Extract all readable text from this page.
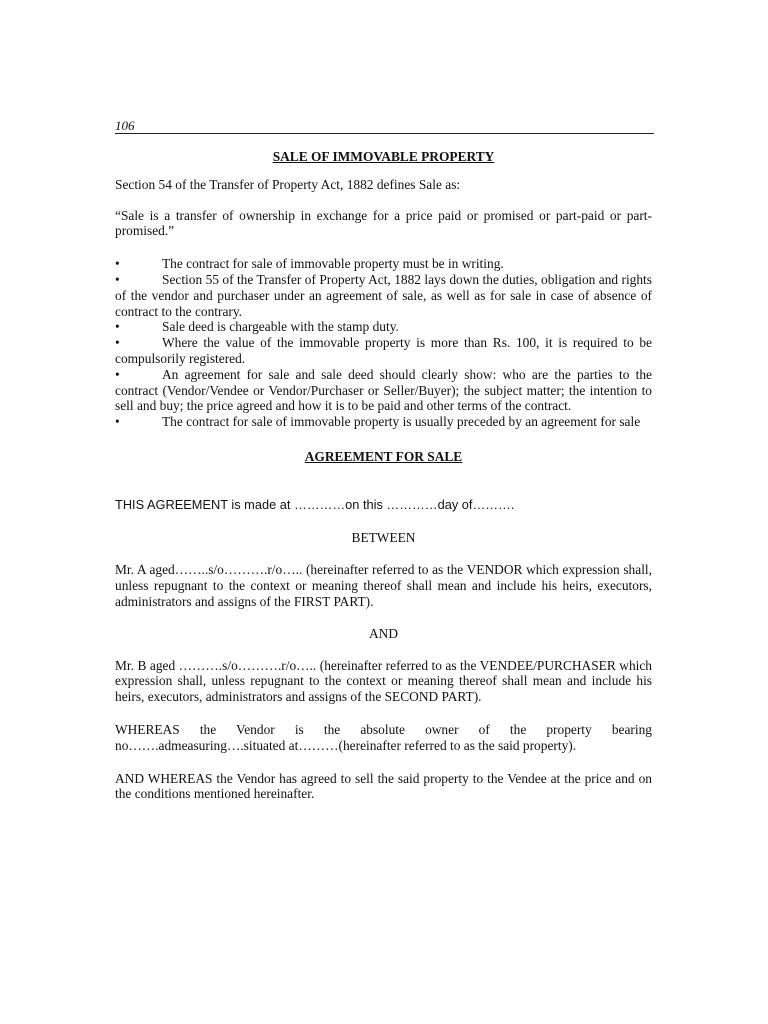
106

SALE OF IMMOVABLE PROPERTY

Section 54 of the Transfer of Property Act, 1882 defines Sale as:

“Sale is a transfer of ownership in exchange for a price paid or promised or part-paid or part-promised.”

•	The contract for sale of immovable property must be in writing.

•	Section 55 of the Transfer of Property Act, 1882 lays down the duties, obligation and rights of the vendor and purchaser under an agreement of sale, as well as for sale in case of absence of contract to the contrary.

•	Sale deed is chargeable with the stamp duty.

•	Where the value of the immovable property is more than Rs. 100, it is required to be compulsorily registered.

•	An agreement for sale and sale deed should clearly show: who are the parties to the contract (Vendor/Vendee or Vendor/Purchaser or Seller/Buyer); the subject matter; the intention to sell and buy; the price agreed and how it is to be paid and other terms of the contract.

•	The contract for sale of immovable property is usually preceded by an agreement for sale

AGREEMENT FOR SALE

THIS AGREEMENT is made at …………on this …………day of……….

BETWEEN

Mr. A aged……..s/o……….r/o….. (hereinafter referred to as the VENDOR which expression shall, unless repugnant to the context or meaning thereof shall mean and include his heirs, executors, administrators and assigns of the FIRST PART).

AND

Mr. B aged ……….s/o……….r/o….. (hereinafter referred to as the VENDEE/PURCHASER which expression shall, unless repugnant to the context or meaning thereof shall mean and include his heirs, executors, administrators and assigns of the SECOND PART).

WHEREAS the Vendor is the absolute owner of the property bearing no…….admeasuring….situated at………(hereinafter referred to as the said property).

AND WHEREAS the Vendor has agreed to sell the said property to the Vendee at the price and on the conditions mentioned hereinafter.
